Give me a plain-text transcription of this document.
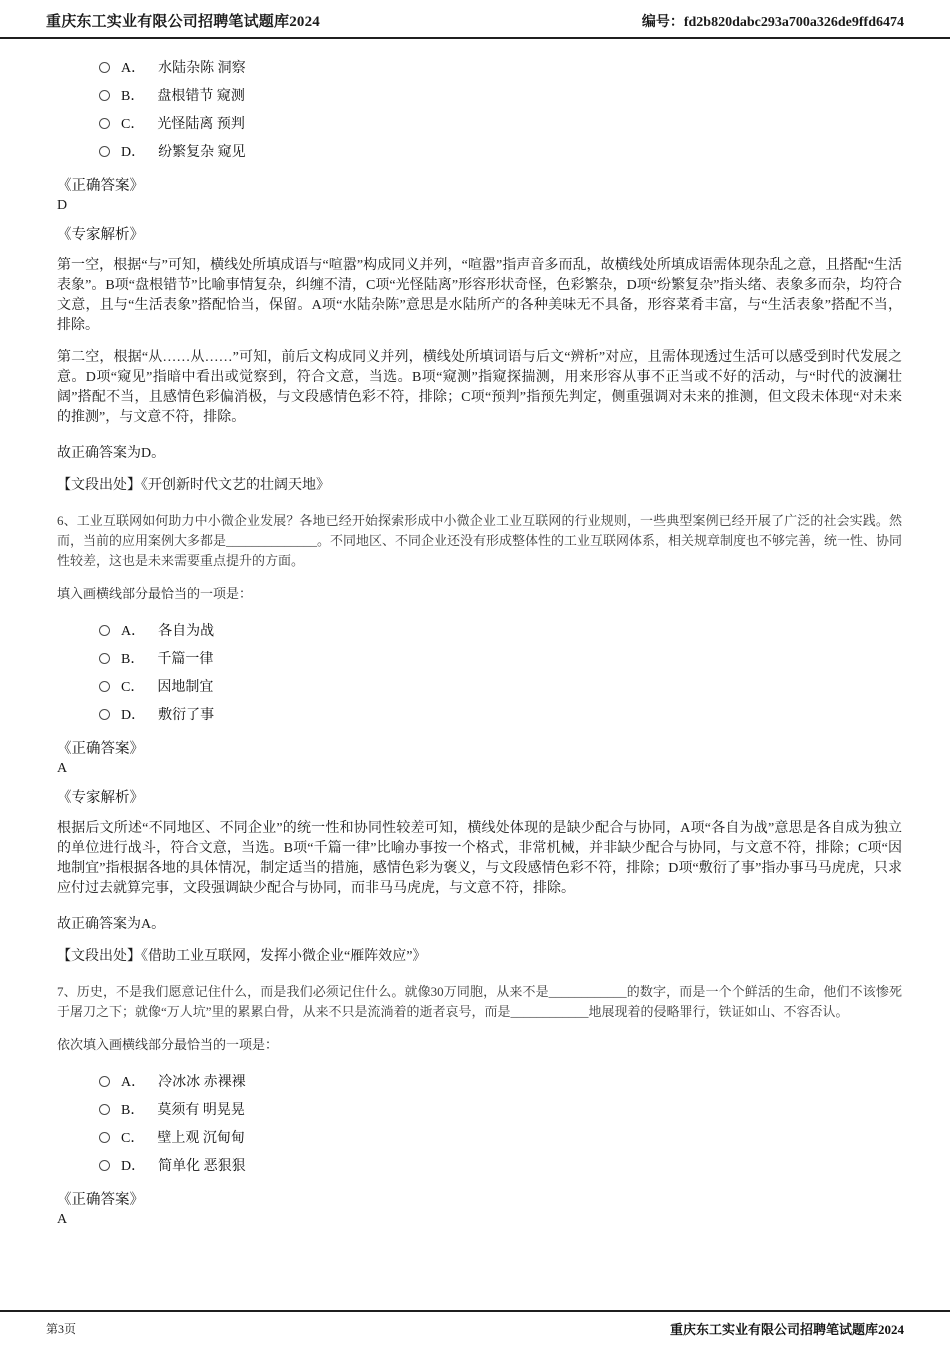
重庆东工实业有限公司招聘笔试题库2024	编号：fd2b820dabc293a700a326de9ffd6474
A． 水陆杂陈 洞察
B． 盘根错节 窥测
C． 光怪陆离 预判
D． 纷繁复杂 窥见
《正确答案》
D
《专家解析》

第一空，根据“与”可知，横线处所填成语与“喧嚣”构成同义并列，“喧嚣”指声音多而乱，故横线处所填成语需体现杂乱之意，且搭配“生活表象”。B项“盘根错节”比喻事情复杂，纠缠不清，C项“光怪陆离”形容形状奇怪，色彩繁杂，D项“纷繁复杂”指头绪、表象多而杂，均符合文意，且与“生活表象”搭配恰当，保留。A项“水陆杂陈”意思是水陆所产的各种美味无不具备，形容菜肴丰富，与“生活表象”搭配不当，排除。

第二空，根据“从……从……”可知，前后文构成同义并列，横线处所填词语与后文“辨析”对应，且需体现透过生活可以感受到时代发展之意。D项“窥见”指暗中看出或觉察到，符合文意，当选。B项“窥测”指窥探揣测，用来形容从事不正当或不好的活动，与“时代的波澜壮阔”搭配不当，且感情色彩偏消极，与文段感情色彩不符，排除；C项“预判”指预先判定，侧重强调对未来的推测，但文段未体现“对未来的推测”，与文意不符，排除。

故正确答案为D。
【文段出处】《开创新时代文艺的壮阔天地》

6、工业互联网如何助力中小微企业发展？各地已经开始探索形成中小微企业工业互联网的行业规则，一些典型案例已经开展了广泛的社会实践。然而，当前的应用案例大多都是______________。不同地区、不同企业还没有形成整体性的工业互联网体系，相关规章制度也不够完善，统一性、协同性较差，这也是未来需要重点提升的方面。

填入画横线部分最恰当的一项是：
A． 各自为战
B． 千篇一律
C． 因地制宜
D． 敷衍了事
《正确答案》
A
《专家解析》

根据后文所述“不同地区、不同企业”的统一性和协同性较差可知，横线处体现的是缺少配合与协同，A项“各自为战”意思是各自成为独立的单位进行战斗，符合文意，当选。B项“千篇一律”比喻办事按一个格式，非常机械，并非缺少配合与协同，与文意不符，排除；C项“因地制宜”指根据各地的具体情况，制定适当的措施，感情色彩为褒义，与文段感情色彩不符，排除；D项“敷衍了事”指办事马马虎虎，只求应付过去就算完事，文段强调缺少配合与协同，而非马马虎虎，与文意不符，排除。

故正确答案为A。
【文段出处】《借助工业互联网，发挥小微企业“雁阵效应”》

7、历史，不是我们愿意记住什么，而是我们必须记住什么。就像30万同胞，从来不是____________的数字，而是一个个鲜活的生命，他们不该惨死于屠刀之下；就像“万人坑”里的累累白骨，从来不只是流淌着的逝者哀号，而是____________地展现着的侵略罪行，铁证如山、不容否认。

依次填入画横线部分最恰当的一项是：
A． 冷冰冰 赤裸裸
B． 莫须有 明晃晃
C． 壁上观 沉甸甸
D． 简单化 恶狠狠
《正确答案》
A
第3页	重庆东工实业有限公司招聘笔试题库2024
